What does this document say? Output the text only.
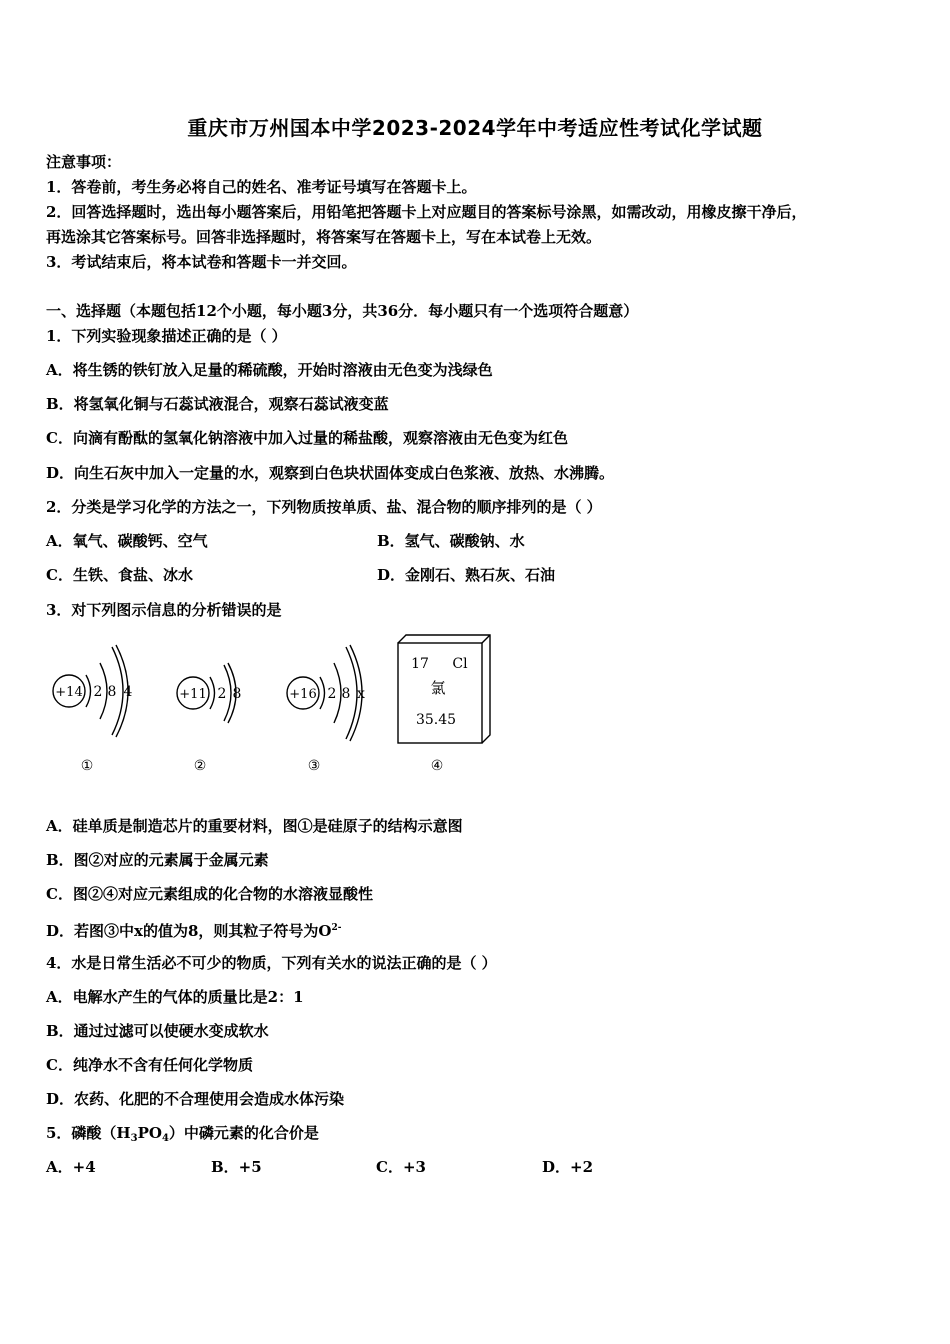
重庆市万州国本中学2023-2024学年中考适应性考试化学试题
注意事项：
1．答卷前，考生务必将自己的姓名、准考证号填写在答题卡上。
2．回答选择题时，选出每小题答案后，用铅笔把答题卡上对应题目的答案标号涂黑，如需改动，用橡皮擦干净后，
再选涂其它答案标号。回答非选择题时，将答案写在答题卡上，写在本试卷上无效。
3．考试结束后，将本试卷和答题卡一并交回。
一、选择题（本题包括12个小题，每小题3分，共36分．每小题只有一个选项符合题意）
1．下列实验现象描述正确的是（ ）
A．将生锈的铁钉放入足量的稀硫酸，开始时溶液由无色变为浅绿色
B．将氢氧化铜与石蕊试液混合，观察石蕊试液变蓝
C．向滴有酚酞的氢氧化钠溶液中加入过量的稀盐酸，观察溶液由无色变为红色
D．向生石灰中加入一定量的水，观察到白色块状固体变成白色浆液、放热、水沸腾。
2．分类是学习化学的方法之一，下列物质按单质、盐、混合物的顺序排列的是（ ）
A．氧气、碳酸钙、空气	B．氢气、碳酸钠、水
C．生铁、食盐、冰水	D．金刚石、熟石灰、石油
3．对下列图示信息的分析错误的是
+14 2 8 4
①
+11 2 8
②
+16 2 8 x
③
17 Cl
氯
35.45
④
A．硅单质是制造芯片的重要材料，图①是硅原子的结构示意图
B．图②对应的元素属于金属元素
C．图②④对应元素组成的化合物的水溶液显酸性
D．若图③中x的值为8，则其粒子符号为$O^{2-}$
4．水是日常生活必不可少的物质，下列有关水的说法正确的是（ ）
A．电解水产生的气体的质量比是2：1
B．通过过滤可以使硬水变成软水
C．纯净水不含有任何化学物质
D．农药、化肥的不合理使用会造成水体污染
5．磷酸$(H_3PO_4)$中磷元素的化合价是
A．+4	B．+5	C．+3	D．+2
